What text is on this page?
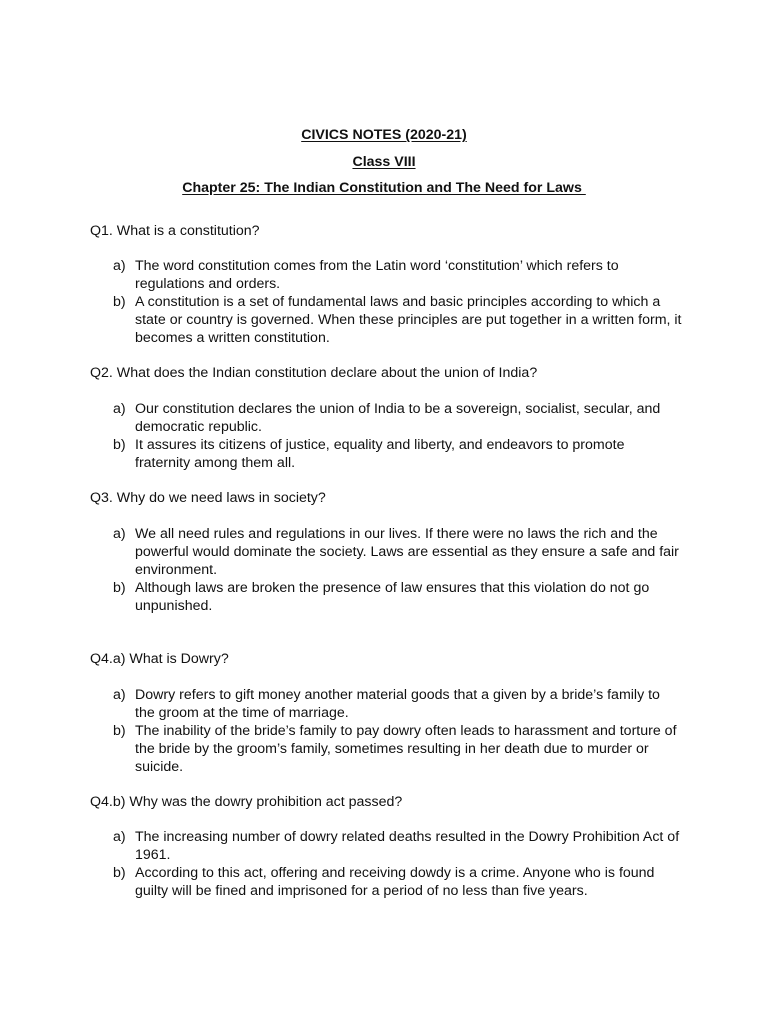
CIVICS NOTES (2020-21)
Class VIII
Chapter 25: The Indian Constitution and The Need for Laws
Q1. What is a constitution?
a) The word constitution comes from the Latin word ‘constitution’ which refers to regulations and orders.
b) A constitution is a set of fundamental laws and basic principles according to which a state or country is governed. When these principles are put together in a written form, it becomes a written constitution.
Q2. What does the Indian constitution declare about the union of India?
a) Our constitution declares the union of India to be a sovereign, socialist, secular, and democratic republic.
b) It assures its citizens of justice, equality and liberty, and endeavors to promote fraternity among them all.
Q3. Why do we need laws in society?
a) We all need rules and regulations in our lives. If there were no laws the rich and the powerful would dominate the society. Laws are essential as they ensure a safe and fair environment.
b) Although laws are broken the presence of law ensures that this violation do not go unpunished.
Q4.a) What is Dowry?
a) Dowry refers to gift money another material goods that a given by a bride’s family to the groom at the time of marriage.
b) The inability of the bride’s family to pay dowry often leads to harassment and torture of the bride by the groom’s family, sometimes resulting in her death due to murder or suicide.
Q4.b) Why was the dowry prohibition act passed?
a) The increasing number of dowry related deaths resulted in the Dowry Prohibition Act of 1961.
b) According to this act, offering and receiving dowdy is a crime. Anyone who is found guilty will be fined and imprisoned for a period of no less than five years.
